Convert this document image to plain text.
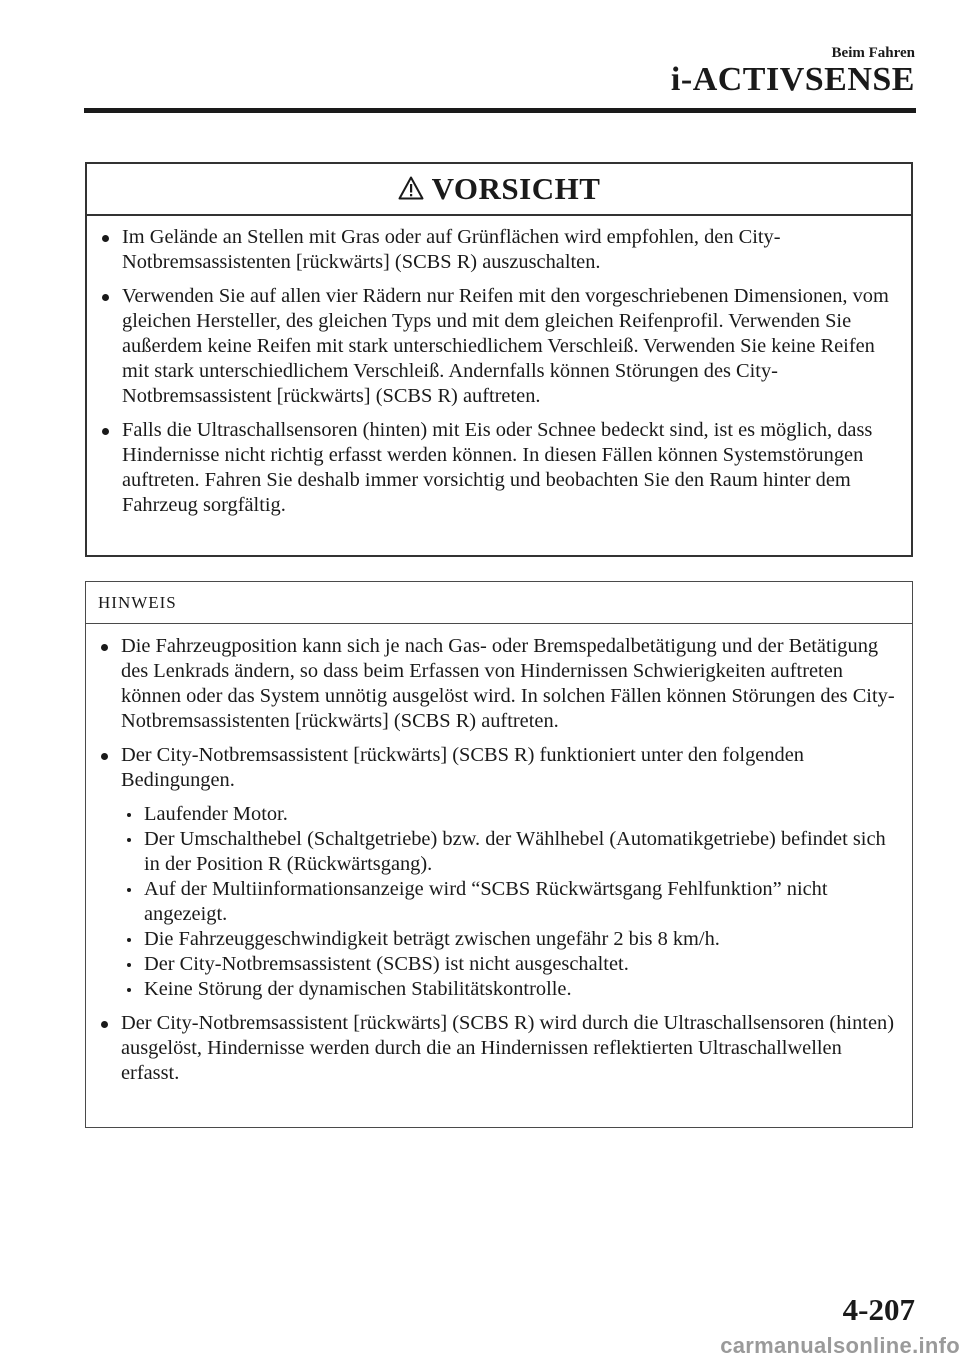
Beim Fahren
i-ACTIVSENSE
VORSICHT
Im Gelände an Stellen mit Gras oder auf Grünflächen wird empfohlen, den City-Notbremsassistenten [rückwärts] (SCBS R) auszuschalten.
Verwenden Sie auf allen vier Rädern nur Reifen mit den vorgeschriebenen Dimensionen, vom gleichen Hersteller, des gleichen Typs und mit dem gleichen Reifenprofil. Verwenden Sie außerdem keine Reifen mit stark unterschiedlichem Verschleiß. Verwenden Sie keine Reifen mit stark unterschiedlichem Verschleiß. Andernfalls können Störungen des City-Notbremsassistent [rückwärts] (SCBS R) auftreten.
Falls die Ultraschallsensoren (hinten) mit Eis oder Schnee bedeckt sind, ist es möglich, dass Hindernisse nicht richtig erfasst werden können. In diesen Fällen können Systemstörungen auftreten. Fahren Sie deshalb immer vorsichtig und beobachten Sie den Raum hinter dem Fahrzeug sorgfältig.
HINWEIS
Die Fahrzeugposition kann sich je nach Gas- oder Bremspedalbetätigung und der Betätigung des Lenkrads ändern, so dass beim Erfassen von Hindernissen Schwierigkeiten auftreten können oder das System unnötig ausgelöst wird. In solchen Fällen können Störungen des City-Notbremsassistenten [rückwärts] (SCBS R) auftreten.
Der City-Notbremsassistent [rückwärts] (SCBS R) funktioniert unter den folgenden Bedingungen.
Laufender Motor.
Der Umschalthebel (Schaltgetriebe) bzw. der Wählhebel (Automatikgetriebe) befindet sich in der Position R (Rückwärtsgang).
Auf der Multiinformationsanzeige wird “SCBS Rückwärtsgang Fehlfunktion” nicht angezeigt.
Die Fahrzeuggeschwindigkeit beträgt zwischen ungefähr 2 bis 8 km/h.
Der City-Notbremsassistent (SCBS) ist nicht ausgeschaltet.
Keine Störung der dynamischen Stabilitätskontrolle.
Der City-Notbremsassistent [rückwärts] (SCBS R) wird durch die Ultraschallsensoren (hinten) ausgelöst, Hindernisse werden durch die an Hindernissen reflektierten Ultraschallwellen erfasst.
4-207
carmanualsonline.info
